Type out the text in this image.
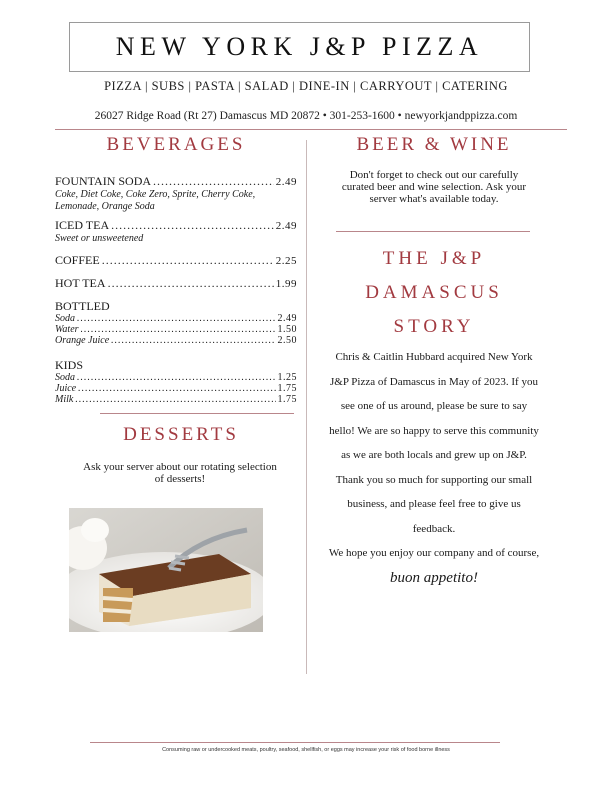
NEW YORK J&P PIZZA
PIZZA | SUBS | PASTA | SALAD | DINE-IN | CARRYOUT | CATERING
26027 Ridge Road (Rt 27) Damascus MD 20872 • 301-253-1600 • newyorkjandppizza.com
BEVERAGES
FOUNTAIN SODA .....	2.49
Coke, Diet Coke, Coke Zero, Sprite, Cherry Coke, Lemonade, Orange Soda
ICED TEA .....	2.49
Sweet or unsweetened
COFFEE .....	2.25
HOT TEA .....	1.99
BOTTLED
Soda .....	2.49
Water .....	1.50
Orange Juice .....	2.50
KIDS
Soda .....	1.25
Juice .....	1.75
Milk .....	1.75
DESSERTS
Ask your server about our rotating selection of desserts!
BEER & WINE
Don't forget to check out our carefully curated beer and wine selection. Ask your server what's available today.
THE J&P
DAMASCUS
STORY
Chris & Caitlin Hubbard acquired New York J&P Pizza of Damascus in May of 2023. If you see one of us around, please be sure to say hello! We are so happy to serve this community as we are both locals and grew up on J&P. Thank you so much for supporting our small business, and please feel free to give us feedback.
We hope you enjoy our company and of course, buon appetito!
Consuming raw or undercooked meats, poultry, seafood, shellfish, or eggs may increase your risk of food borne illness
